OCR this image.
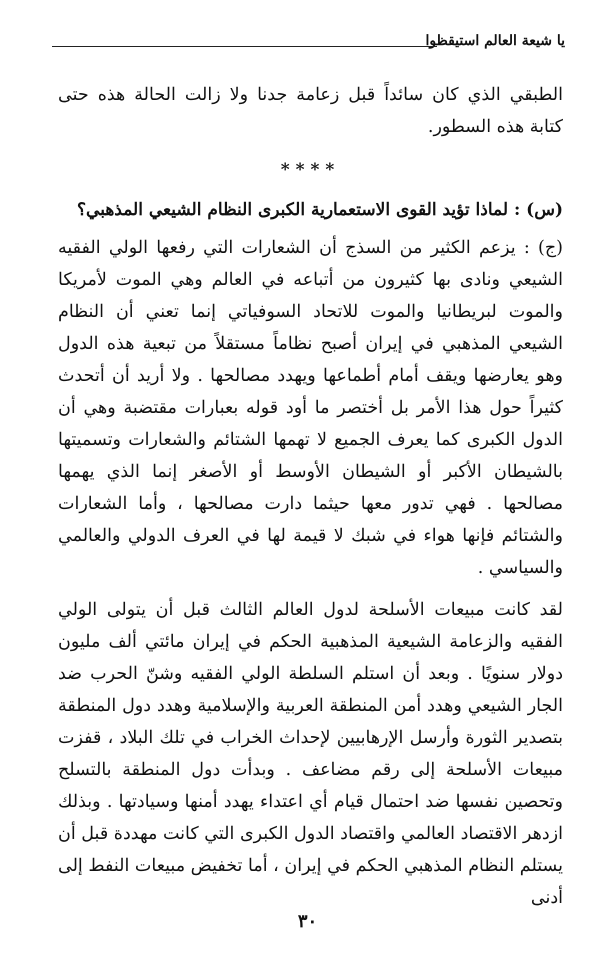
يا شيعة العالم استيقظوا

الطبقي الذي كان سائداً قبل زعامة جدنا ولا زالت الحالة هذه حتى كتابة هذه السطور.

****

(س) : لماذا تؤيد القوى الاستعمارية الكبرى النظام الشيعي المذهبي؟

(ج) : يزعم الكثير من السذج أن الشعارات التي رفعها الولي الفقيه الشيعي ونادى بها كثيرون من أتباعه في العالم وهي الموت لأمريكا والموت لبريطانيا والموت للاتحاد السوفياتي إنما تعني أن النظام الشيعي المذهبي في إيران أصبح نظاماً مستقلاً من تبعية هذه الدول وهو يعارضها ويقف أمام أطماعها ويهدد مصالحها . ولا أريد أن أتحدث كثيراً حول هذا الأمر بل أختصر ما أود قوله بعبارات مقتضبة وهي أن الدول الكبرى كما يعرف الجميع لا تهمها الشتائم والشعارات وتسميتها بالشيطان الأكبر أو الشيطان الأوسط أو الأصغر إنما الذي يهمها مصالحها . فهي تدور معها حيثما دارت مصالحها ، وأما الشعارات والشتائم فإنها هواء في شبك لا قيمة لها في العرف الدولي والعالمي والسياسي .

لقد كانت مبيعات الأسلحة لدول العالم الثالث قبل أن يتولى الولي الفقيه والزعامة الشيعية المذهبية الحكم في إيران مائتي ألف مليون دولار سنويًا . وبعد أن استلم السلطة الولي الفقيه وشنّ الحرب ضد الجار الشيعي وهدد أمن المنطقة العربية والإسلامية وهدد دول المنطقة بتصدير الثورة وأرسل الإرهابيين لإحداث الخراب في تلك البلاد ، قفزت مبيعات الأسلحة إلى رقم مضاعف . وبدأت دول المنطقة بالتسلح وتحصين نفسها ضد احتمال قيام أي اعتداء يهدد أمنها وسيادتها . وبذلك ازدهر الاقتصاد العالمي واقتصاد الدول الكبرى التي كانت مهددة قبل أن يستلم النظام المذهبي الحكم في إيران ، أما تخفيض مبيعات النفط إلى أدنى

٣٠
